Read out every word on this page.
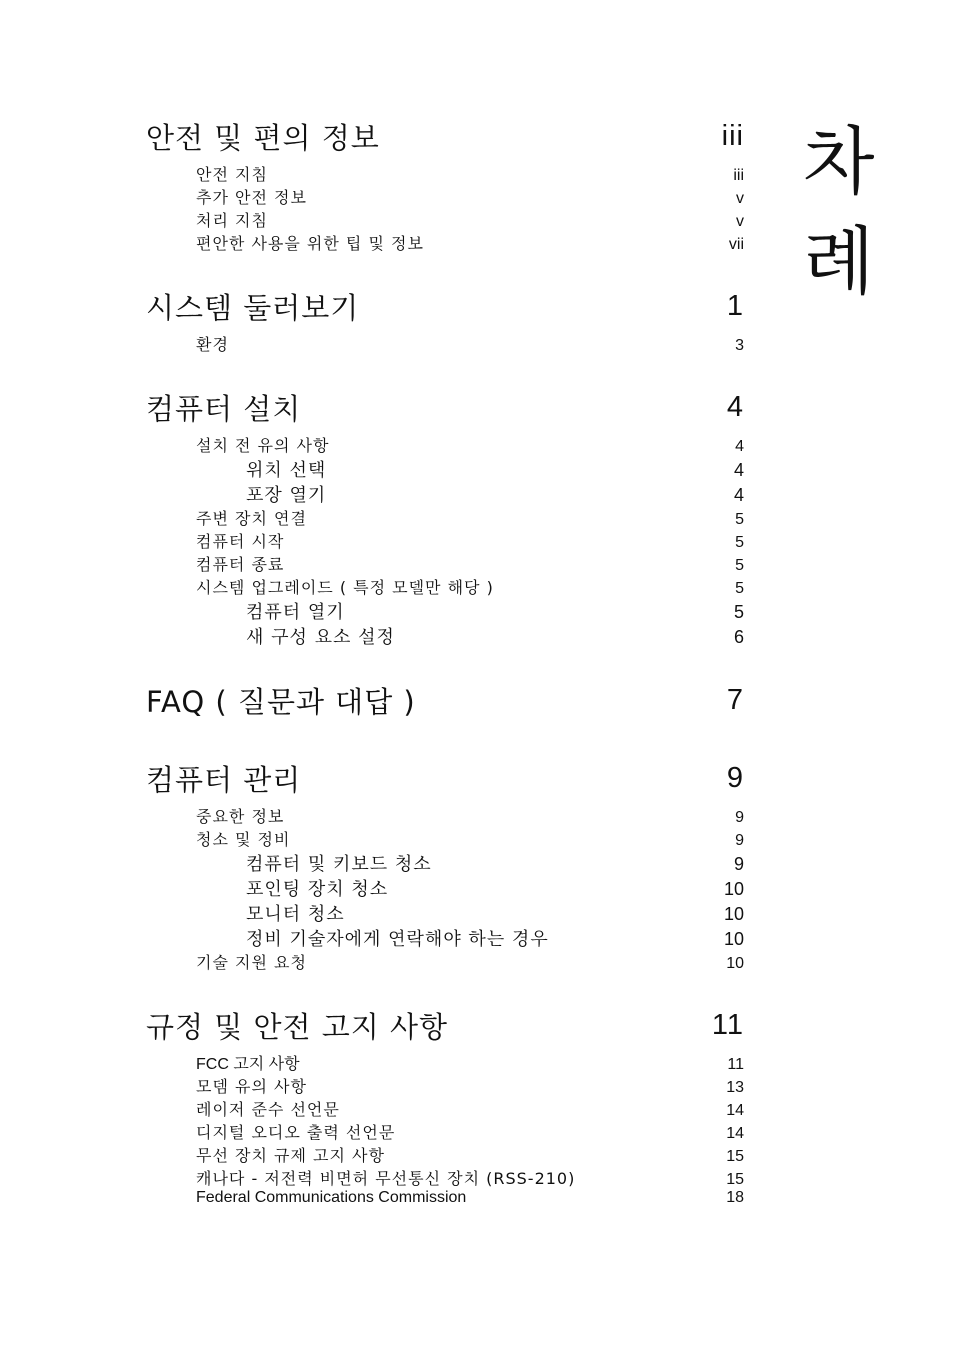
차
례
안전 및 편의 정보	iii
안전 지침	iii
추가 안전 정보	v
처리 지침	v
편안한 사용을 위한 팁 및 정보	vii
시스템 둘러보기	1
환경	3
컴퓨터 설치	4
설치 전 유의 사항	4
위치 선택	4
포장 열기	4
주변 장치 연결	5
컴퓨터 시작	5
컴퓨터 종료	5
시스템 업그레이드 ( 특정 모델만 해당 )	5
컴퓨터 열기	5
새 구성 요소 설정	6
FAQ ( 질문과 대답 )	7
컴퓨터 관리	9
중요한 정보	9
청소 및 정비	9
컴퓨터 및 키보드 청소	9
포인팅 장치 청소	10
모니터 청소	10
정비 기술자에게 연락해야 하는 경우	10
기술 지원 요청	10
규정 및 안전 고지 사항	11
FCC 고지 사항	11
모뎀 유의 사항	13
레이저 준수 선언문	14
디지털 오디오 출력 선언문	14
무선 장치 규제 고지 사항	15
캐나다 - 저전력 비면허 무선통신 장치 (RSS-210)	15
Federal Communications Commission	18
